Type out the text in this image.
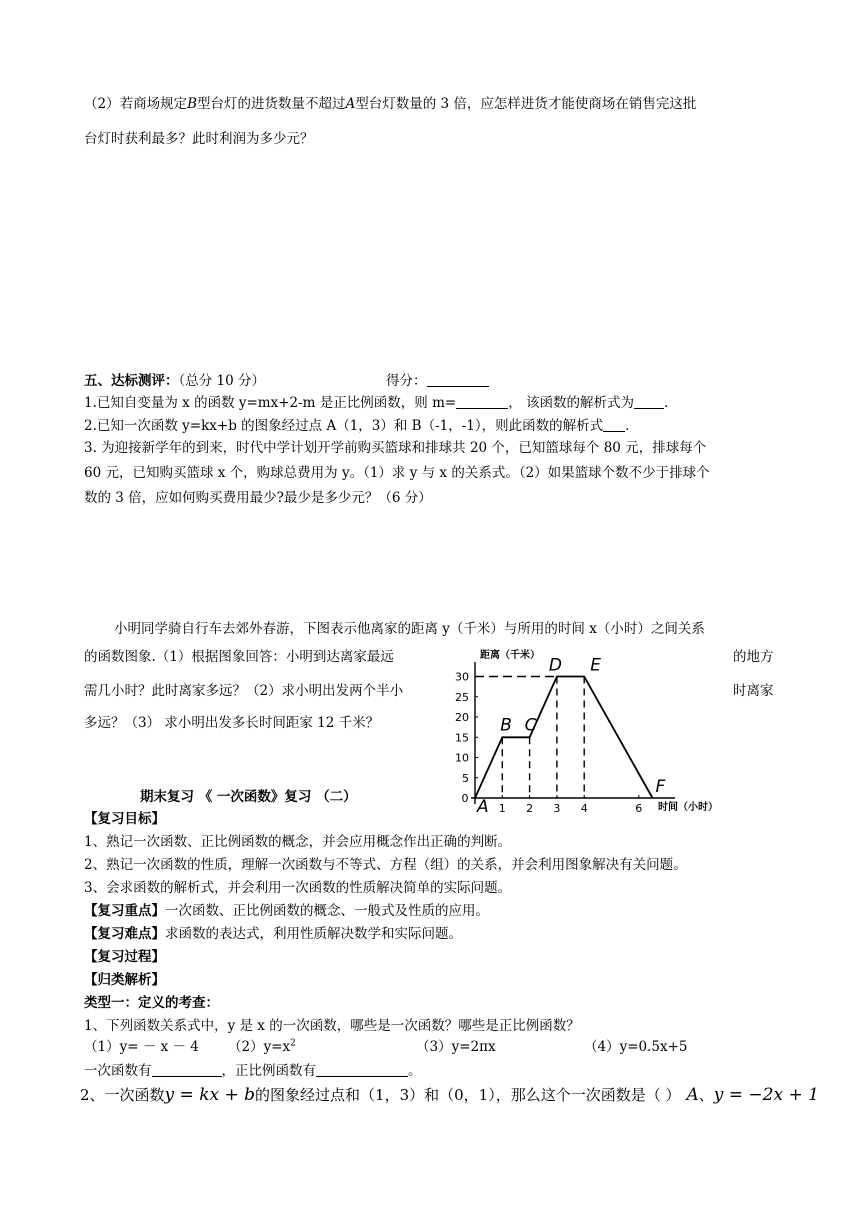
（2）若商场规定B型台灯的进货数量不超过A型台灯数量的 3 倍，应怎样进货才能使商场在销售完这批
台灯时获利最多？此时利润为多少元？
五、达标测评：（总分 10 分）	得分：
1.已知自变量为 x 的函数 y=mx+2-m 是正比例函数，则 m=	， 该函数的解析式为 .
2.已知一次函数 y=kx+b 的图象经过点 A（1，3）和 B（-1，-1），则此函数的解析式 .
3. 为迎接新学年的到来，时代中学计划开学前购买篮球和排球共 20 个，已知篮球每个 80 元，排球每个
60 元，已知购买篮球 x 个，购球总费用为 y。（1）求 y 与 x 的关系式。（2）如果篮球个数不少于排球个
数的 3 倍，应如何购买费用最少?最少是多少元？（6 分）
小明同学骑自行车去郊外春游，下图表示他离家的距离 y（千米）与所用的时间 x（小时）之间关系
的函数图象.（1）根据图象回答：小明到达离家最远	的地方
需几小时？此时离家多远？（2）求小明出发两个半小	时离家
多远？（3） 求小明出发多长时间距家 12 千米？
距离（千米）
时间（小时）
5
10
15
20
25
30
0
1 2 3 4	6
A
B C
D E
F
期末复习 《 一次函数》复习 （二）
【复习目标】
1、熟记一次函数、正比例函数的概念，并会应用概念作出正确的判断。
2、熟记一次函数的性质，理解一次函数与不等式、方程（组）的关系，并会利用图象解决有关问题。
3、会求函数的解析式，并会利用一次函数的性质解决简单的实际问题。
【复习重点】一次函数、正比例函数的概念、一般式及性质的应用。
【复习难点】求函数的表达式，利用性质解决数学和实际问题。
【复习过程】
【归类解析】
类型一：定义的考查：
1、下列函数关系式中，y 是 x 的一次函数，哪些是一次函数？哪些是正比例函数？
（1）y= － x － 4 $(2)y=x^2$	（3）y=2πx	（4）y=0.5x+5
一次函数有	，正比例函数有	。
2、一次函数y = kx + b的图象经过点和（1，3）和（0，1），那么这个一次函数是（ ） A、y = −2x + 1
